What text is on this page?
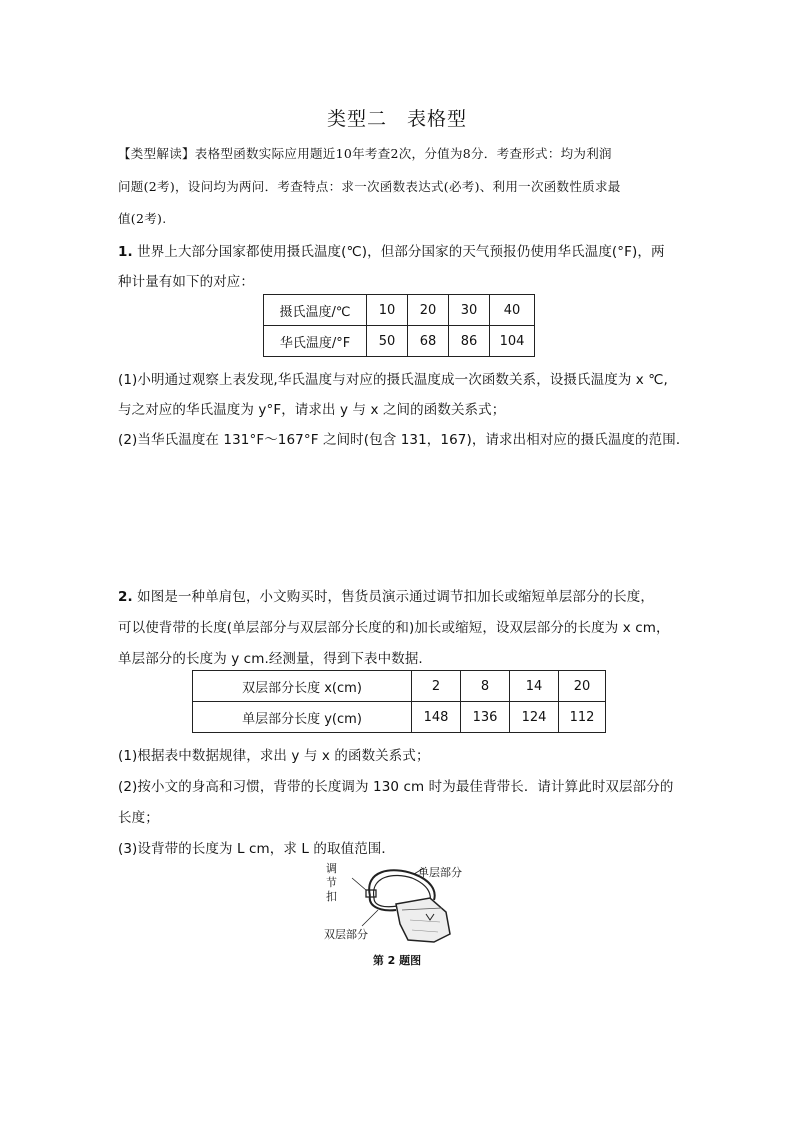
类型二　表格型
【类型解读】表格型函数实际应用题近10年考查2次，分值为8分．考查形式：均为利润
问题(2考)，设问均为两问．考查特点：求一次函数表达式(必考)、利用一次函数性质求最
值(2考).
1. 世界上大部分国家都使用摄氏温度(℃)，但部分国家的天气预报仍使用华氏温度(°F)，两
种计量有如下的对应：
摄氏温度/℃	10	20	30	40
华氏温度/°F	50	68	86	104
(1)小明通过观察上表发现,华氏温度与对应的摄氏温度成一次函数关系，设摄氏温度为 x ℃,
与之对应的华氏温度为 y°F，请求出 y 与 x 之间的函数关系式；
(2)当华氏温度在 131°F～167°F 之间时(包含 131，167)，请求出相对应的摄氏温度的范围．
2. 如图是一种单肩包，小文购买时，售货员演示通过调节扣加长或缩短单层部分的长度，
可以使背带的长度(单层部分与双层部分长度的和)加长或缩短，设双层部分的长度为 x cm，
单层部分的长度为 y cm.经测量，得到下表中数据.
双层部分长度 x(cm)	2	8	14	20
单层部分长度 y(cm)	148	136	124	112
(1)根据表中数据规律，求出 y 与 x 的函数关系式；
(2)按小文的身高和习惯，背带的长度调为 130 cm 时为最佳背带长．请计算此时双层部分的
长度；
(3)设背带的长度为 L cm，求 L 的取值范围．
调
节
扣
单层部分
双层部分
第 2 题图
